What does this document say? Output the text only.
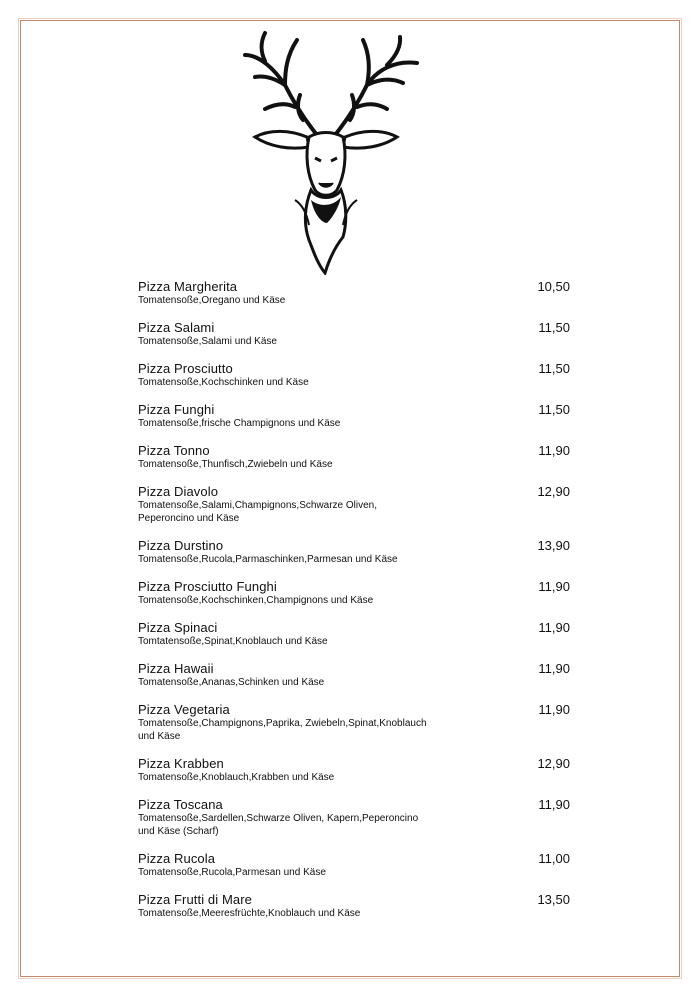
Pizza Margherita
Tomatensoße,Oregano und Käse
10,50
Pizza Salami
Tomatensoße,Salami und Käse
11,50
Pizza Prosciutto
Tomatensoße,Kochschinken und Käse
11,50
Pizza Funghi
Tomatensoße,frische Champignons und Käse
11,50
Pizza Tonno
Tomatensoße,Thunfisch,Zwiebeln und Käse
11,90
Pizza Diavolo
Tomatensoße,Salami,Champignons,Schwarze Oliven, Peperoncino und Käse
12,90
Pizza Durstino
Tomatensoße,Rucola,Parmaschinken,Parmesan und Käse
13,90
Pizza Prosciutto Funghi
Tomatensoße,Kochschinken,Champignons und Käse
11,90
Pizza Spinaci
Tomtatensoße,Spinat,Knoblauch und Käse
11,90
Pizza Hawaii
Tomatensoße,Ananas,Schinken und Käse
11,90
Pizza Vegetaria
Tomatensoße,Champignons,Paprika, Zwiebeln,Spinat,Knoblauch und Käse
11,90
Pizza Krabben
Tomatensoße,Knoblauch,Krabben und Käse
12,90
Pizza Toscana
Tomatensoße,Sardellen,Schwarze Oliven, Kapern,Peperoncino und Käse (Scharf)
11,90
Pizza Rucola
Tomatensoße,Rucola,Parmesan und Käse
11,00
Pizza Frutti di Mare
Tomatensoße,Meeresfrüchte,Knoblauch und Käse
13,50
